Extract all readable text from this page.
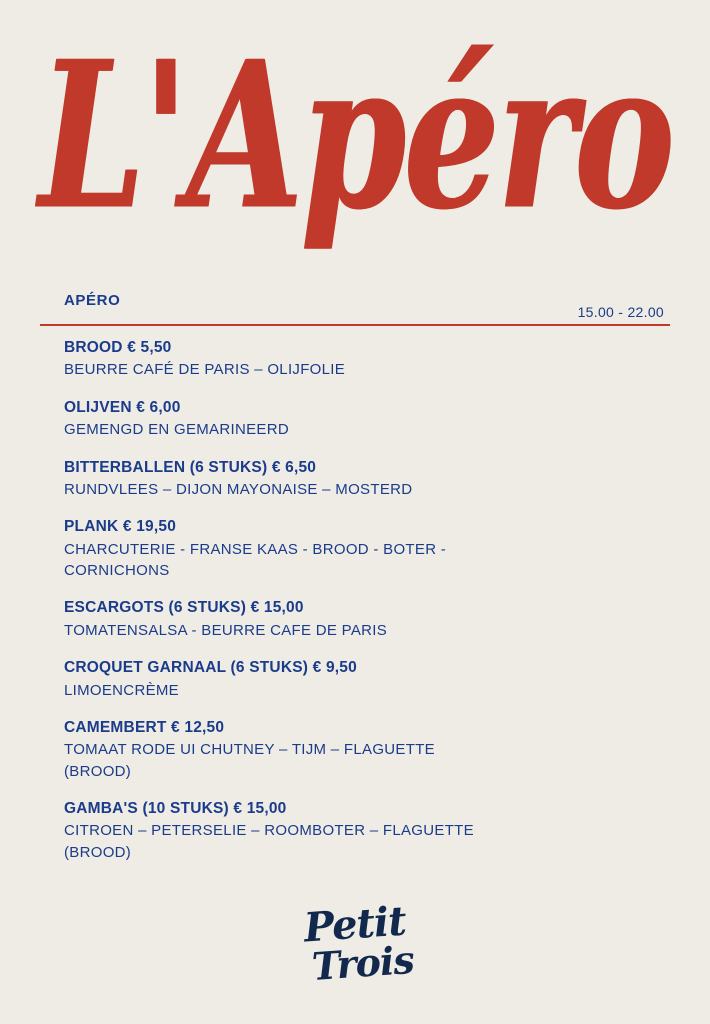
L'Apéro
APÉRO
15.00 - 22.00
BROOD € 5,50
BEURRE CAFÉ DE PARIS – OLIJFOLIE
OLIJVEN € 6,00
GEMENGD EN GEMARINEERD
BITTERBALLEN (6 STUKS) € 6,50
RUNDVLEES – DIJON MAYONAISE – MOSTERD
PLANK € 19,50
CHARCUTERIE - FRANSE KAAS - BROOD - BOTER - CORNICHONS
ESCARGOTS (6 STUKS) € 15,00
TOMATENSALSA - BEURRE CAFE DE PARIS
CROQUET GARNAAL (6 STUKS) € 9,50
LIMOENCRÈME
CAMEMBERT € 12,50
TOMAAT RODE UI CHUTNEY – TIJM – FLAGUETTE (BROOD)
GAMBA'S (10 STUKS) € 15,00
CITROEN – PETERSELIE – ROOMBOTER – FLAGUETTE (BROOD)
Petit
Trois
